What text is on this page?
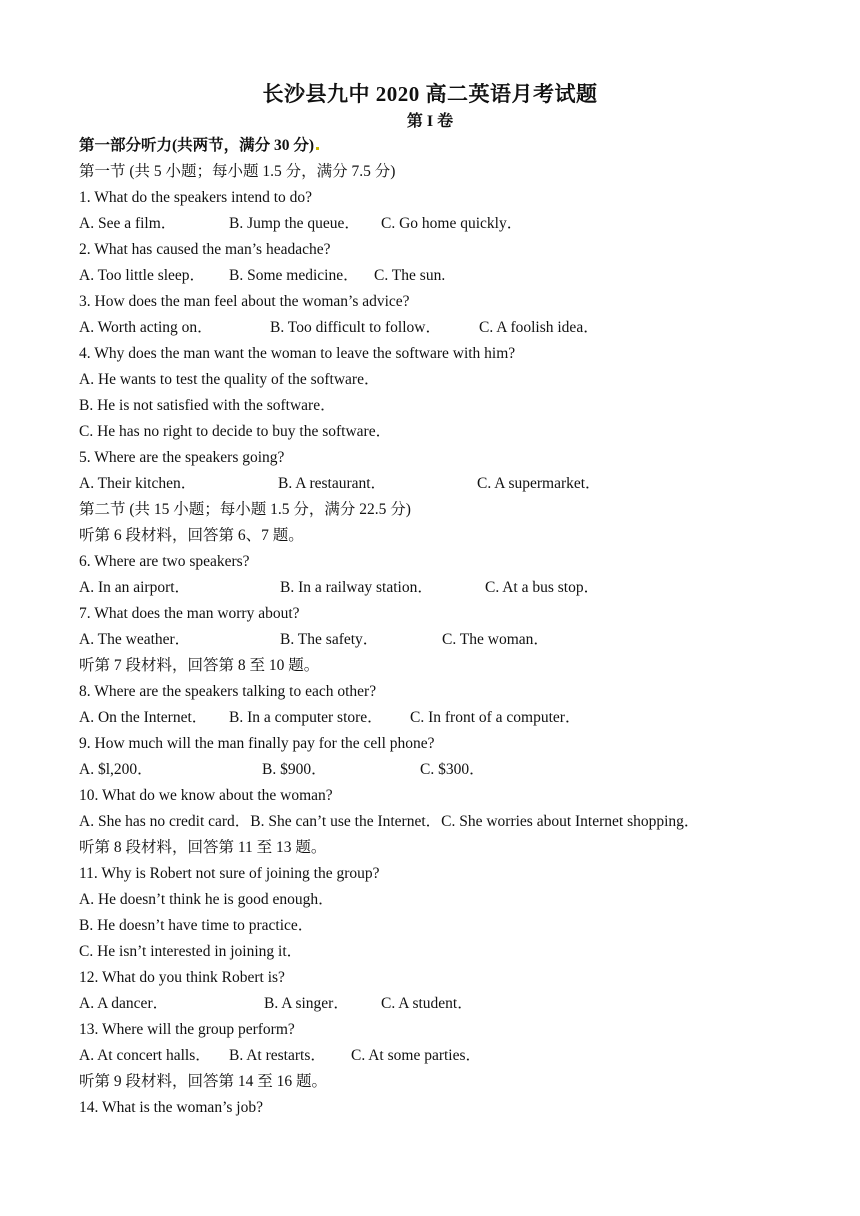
长沙县九中 2020 高二英语月考试题
第 I 卷
第一部分听力(共两节，满分 30 分)
第一节 (共 5 小题；每小题 1.5 分，满分 7.5 分)
1. What do the speakers intend to do?
A. See a film．	B. Jump the queue． C. Go home quickly．
2. What has caused the man’s headache?
A. Too little sleep． B. Some medicine． C. The sun.
3. How does the man feel about the woman’s advice?
A. Worth acting on．	B. Too difficult to follow． C. A foolish idea．
4. Why does the man want the woman to leave the software with him?
A. He wants to test the quality of the software．
B. He is not satisfied with the software．
C. He has no right to decide to buy the software．
5. Where are the speakers going?
A. Their kitchen．	B. A restaurant．	C. A supermarket．
第二节 (共 15 小题；每小题 1.5 分，满分 22.5 分)
听第 6 段材料，回答第 6、7 题。
6. Where are two speakers?
A. In an airport．	B. In a railway station．	C. At a bus stop．
7. What does the man worry about?
A. The weather．	B. The safety．	C. The woman．
听第 7 段材料，回答第 8 至 10 题。
8. Where are the speakers talking to each other?
A. On the Internet． B. In a computer store． C. In front of a computer．
9. How much will the man finally pay for the cell phone?
A. $l,200．	B. $900．	C. $300．
10. What do we know about the woman?
A. She has no credit card．B. She can’t use the Internet．C. She worries about Internet shopping．
听第 8 段材料，回答第 11 至 13 题。
11. Why is Robert not sure of joining the group?
A. He doesn’t think he is good enough．
B. He doesn’t have time to practice．
C. He isn’t interested in joining it．
12. What do you think Robert is?
A. A dancer．	B. A singer． C. A student．
13. Where will the group perform?
A. At concert halls． B. At restarts． C. At some parties．
听第 9 段材料，回答第 14 至 16 题。
14. What is the woman’s job?
